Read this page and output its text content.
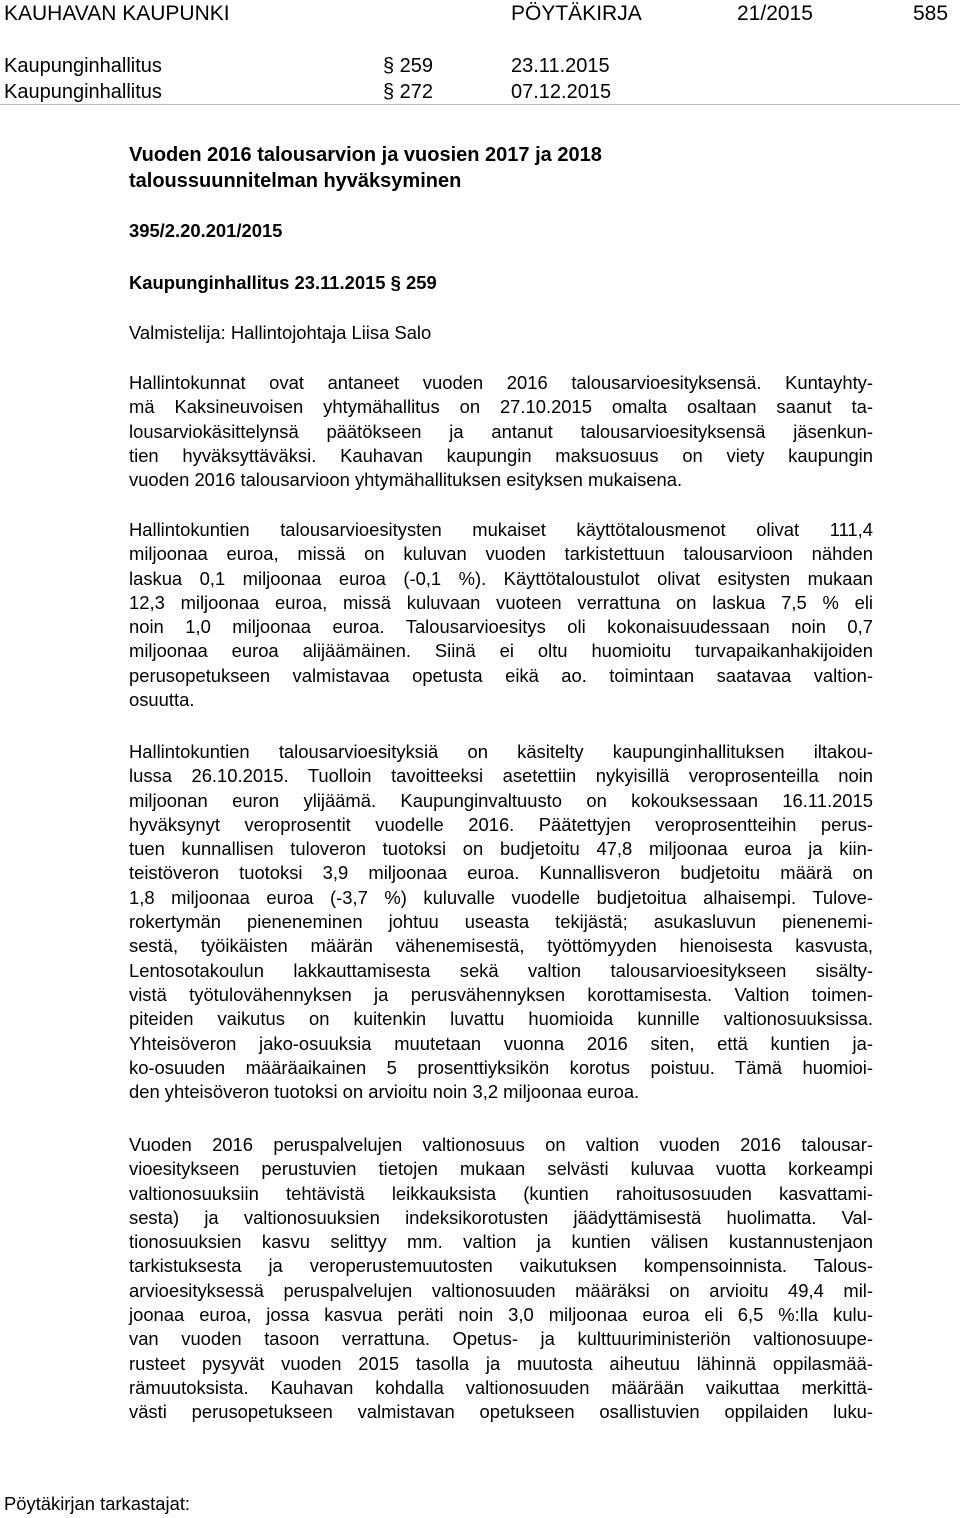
KAUHAVAN KAUPUNKI	PÖYTÄKIRJA	21/2015	585
Kaupunginhallitus	§ 259	23.11.2015
Kaupunginhallitus	§ 272	07.12.2015
Vuoden 2016 talousarvion ja vuosien 2017 ja 2018
taloussuunnitelman hyväksyminen
395/2.20.201/2015
Kaupunginhallitus 23.11.2015 § 259
Valmistelija: Hallintojohtaja Liisa Salo
Hallintokunnat ovat antaneet vuoden 2016 talousarvioesityksensä. Kuntayhty-
mä Kaksineuvoisen yhtymähallitus on 27.10.2015 omalta osaltaan saanut ta-
lousarviokäsittelynsä päätökseen ja antanut talousarvioesityksensä jäsenkun-
tien hyväksyttäväksi. Kauhavan kaupungin maksuosuus on viety kaupungin
vuoden 2016 talousarvioon yhtymähallituksen esityksen mukaisena.
Hallintokuntien talousarvioesitysten mukaiset käyttötalousmenot olivat 111,4
miljoonaa euroa, missä on kuluvan vuoden tarkistettuun talousarvioon nähden
laskua 0,1 miljoonaa euroa (-0,1 %). Käyttötaloustulot olivat esitysten mukaan
12,3 miljoonaa euroa, missä kuluvaan vuoteen verrattuna on laskua 7,5 % eli
noin 1,0 miljoonaa euroa. Talousarvioesitys oli kokonaisuudessaan noin 0,7
miljoonaa euroa alijäämäinen. Siinä ei oltu huomioitu turvapaikanhakijoiden
perusopetukseen valmistavaa opetusta eikä ao. toimintaan saatavaa valtion-
osuutta.
Hallintokuntien talousarvioesityksiä on käsitelty kaupunginhallituksen iltakou-
lussa 26.10.2015. Tuolloin tavoitteeksi asetettiin nykyisillä veroprosenteilla noin
miljoonan euron ylijäämä. Kaupunginvaltuusto on kokouksessaan 16.11.2015
hyväksynyt veroprosentit vuodelle 2016. Päätettyjen veroprosentteihin perus-
tuen kunnallisen tuloveron tuotoksi on budjetoitu 47,8 miljoonaa euroa ja kiin-
teistöveron tuotoksi 3,9 miljoonaa euroa. Kunnallisveron budjetoitu määrä on
1,8 miljoonaa euroa (-3,7 %) kuluvalle vuodelle budjetoitua alhaisempi. Tulove-
rokertymän pieneneminen johtuu useasta tekijästä; asukasluvun pienenemi-
sestä, työikäisten määrän vähenemisestä, työttömyyden hienoisesta kasvusta,
Lentosotakoulun lakkauttamisesta sekä valtion talousarvioesitykseen sisälty-
vistä työtulovähennyksen ja perusvähennyksen korottamisesta. Valtion toimen-
piteiden vaikutus on kuitenkin luvattu huomioida kunnille valtionosuuksissa.
Yhteisöveron jako-osuuksia muutetaan vuonna 2016 siten, että kuntien ja-
ko-osuuden määräaikainen 5 prosenttiyksikön korotus poistuu. Tämä huomioi-
den yhteisöveron tuotoksi on arvioitu noin 3,2 miljoonaa euroa.
Vuoden 2016 peruspalvelujen valtionosuus on valtion vuoden 2016 talousar-
vioesitykseen perustuvien tietojen mukaan selvästi kuluvaa vuotta korkeampi
valtionosuuksiin tehtävistä leikkauksista (kuntien rahoitusosuuden kasvattami-
sesta) ja valtionosuuksien indeksikorotusten jäädyttämisestä huolimatta. Val-
tionosuuksien kasvu selittyy mm. valtion ja kuntien välisen kustannustenjaon
tarkistuksesta ja veroperustemuutosten vaikutuksen kompensoinnista. Talous-
arvioesityksessä peruspalvelujen valtionosuuden määräksi on arvioitu 49,4 mil-
joonaa euroa, jossa kasvua peräti noin 3,0 miljoonaa euroa eli 6,5 %:lla kulu-
van vuoden tasoon verrattuna. Opetus- ja kulttuuriministeriön valtionosuupe-
rusteet pysyvät vuoden 2015 tasolla ja muutosta aiheutuu lähinnä oppilasmää-
rämuutoksista. Kauhavan kohdalla valtionosuuden määrään vaikuttaa merkittä-
västi perusopetukseen valmistavan opetukseen osallistuvien oppilaiden luku-
Pöytäkirjan tarkastajat:
